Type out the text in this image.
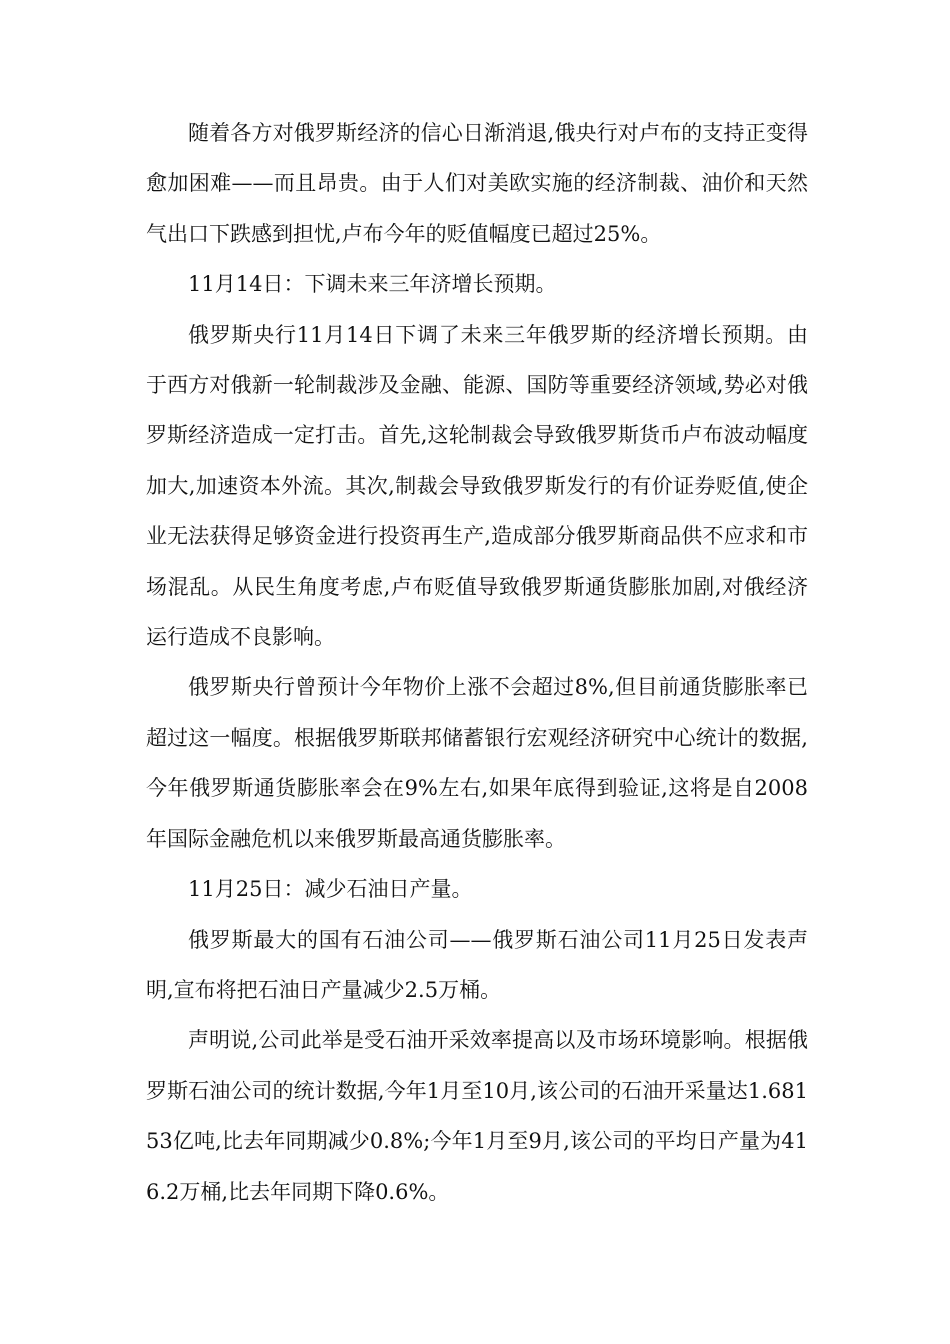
随着各方对俄罗斯经济的信心日渐消退,俄央行对卢布的支持正变得愈加困难——而且昂贵。由于人们对美欧实施的经济制裁、油价和天然气出口下跌感到担忧,卢布今年的贬值幅度已超过25%。

11月14日：下调未来三年济增长预期。

俄罗斯央行11月14日下调了未来三年俄罗斯的经济增长预期。由于西方对俄新一轮制裁涉及金融、能源、国防等重要经济领域,势必对俄罗斯经济造成一定打击。首先,这轮制裁会导致俄罗斯货币卢布波动幅度加大,加速资本外流。其次,制裁会导致俄罗斯发行的有价证券贬值,使企业无法获得足够资金进行投资再生产,造成部分俄罗斯商品供不应求和市场混乱。从民生角度考虑,卢布贬值导致俄罗斯通货膨胀加剧,对俄经济运行造成不良影响。

俄罗斯央行曾预计今年物价上涨不会超过8%,但目前通货膨胀率已超过这一幅度。根据俄罗斯联邦储蓄银行宏观经济研究中心统计的数据,今年俄罗斯通货膨胀率会在9%左右,如果年底得到验证,这将是自2008年国际金融危机以来俄罗斯最高通货膨胀率。

11月25日：减少石油日产量。

俄罗斯最大的国有石油公司——俄罗斯石油公司11月25日发表声明,宣布将把石油日产量减少2.5万桶。

声明说,公司此举是受石油开采效率提高以及市场环境影响。根据俄罗斯石油公司的统计数据,今年1月至10月,该公司的石油开采量达1.68153亿吨,比去年同期减少0.8%;今年1月至9月,该公司的平均日产量为416.2万桶,比去年同期下降0.6%。
